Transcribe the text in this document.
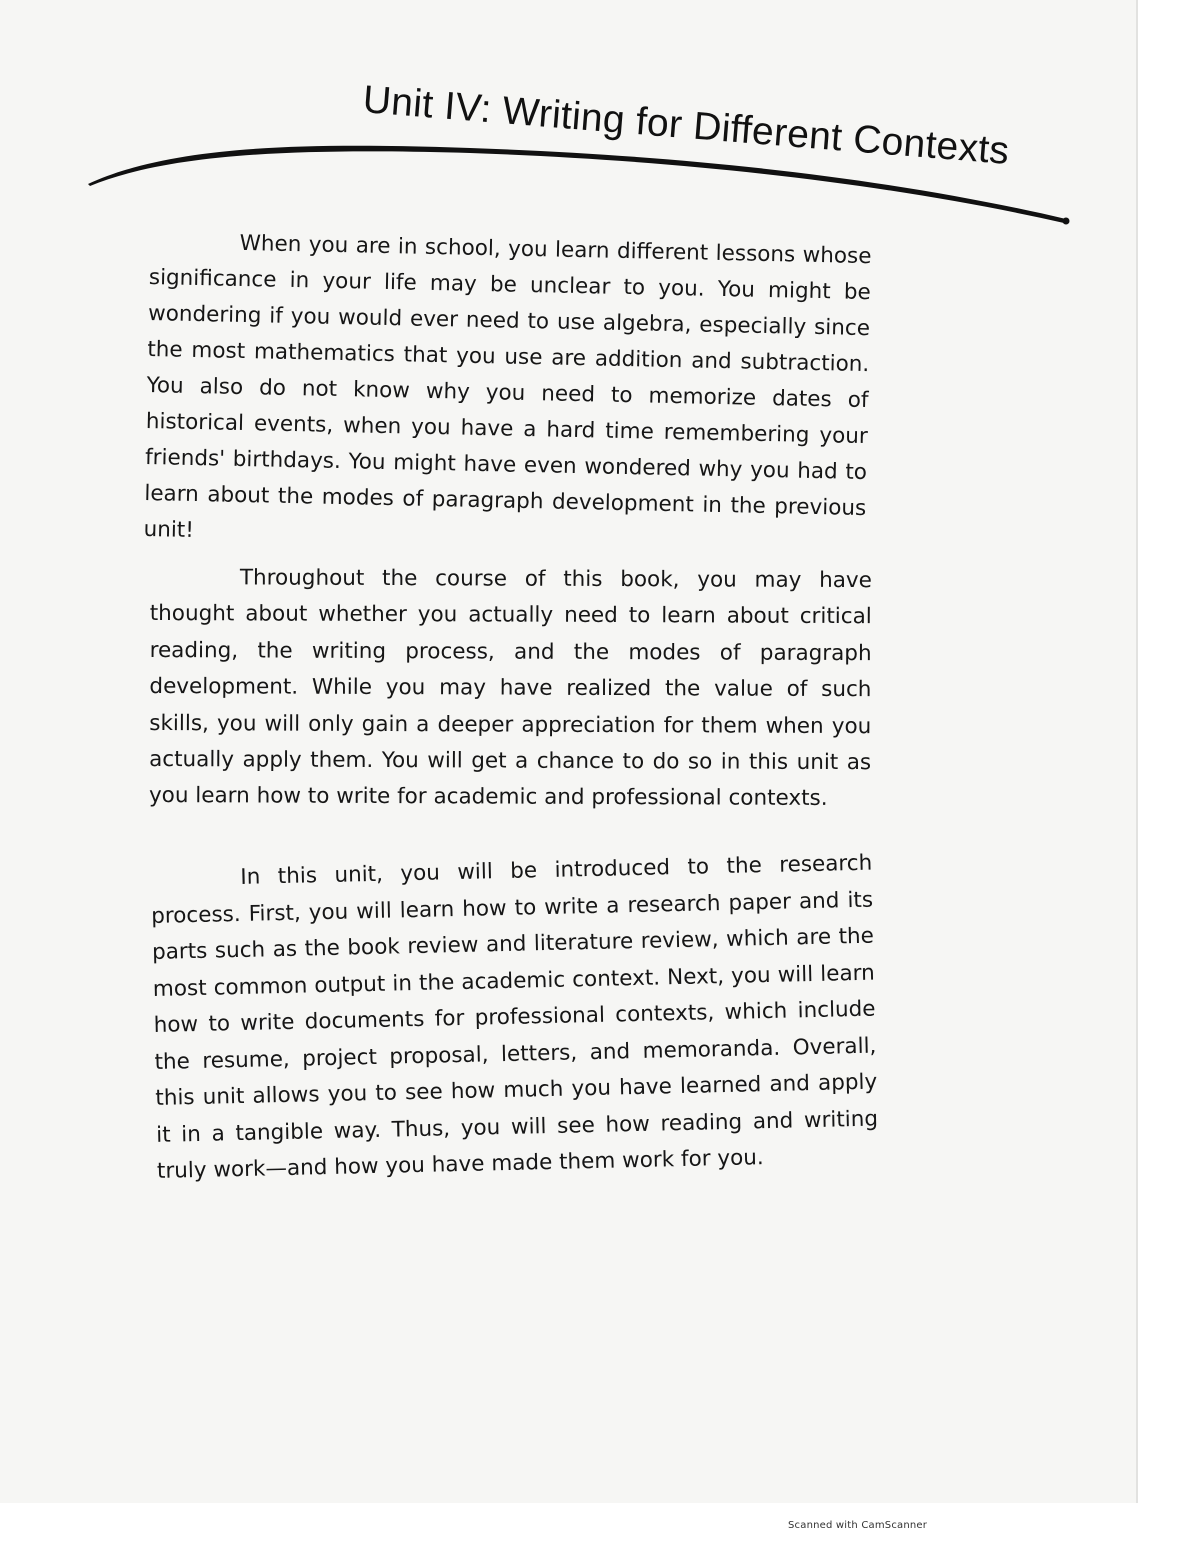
Unit IV: Writing for Different Contexts

When you are in school, you learn different lessons whose significance in your life may be unclear to you. You might be wondering if you would ever need to use algebra, especially since the most mathematics that you use are addition and subtraction. You also do not know why you need to memorize dates of historical events, when you have a hard time remembering your friends' birthdays. You might have even wondered why you had to learn about the modes of paragraph development in the previous unit!

Throughout the course of this book, you may have thought about whether you actually need to learn about critical reading, the writing process, and the modes of paragraph development. While you may have realized the value of such skills, you will only gain a deeper appreciation for them when you actually apply them. You will get a chance to do so in this unit as you learn how to write for academic and professional contexts.

In this unit, you will be introduced to the research process. First, you will learn how to write a research paper and its parts such as the book review and literature review, which are the most common output in the academic context. Next, you will learn how to write documents for professional contexts, which include the resume, project proposal, letters, and memoranda. Overall, this unit allows you to see how much you have learned and apply it in a tangible way. Thus, you will see how reading and writing truly work—and how you have made them work for you.

Scanned with CamScanner
